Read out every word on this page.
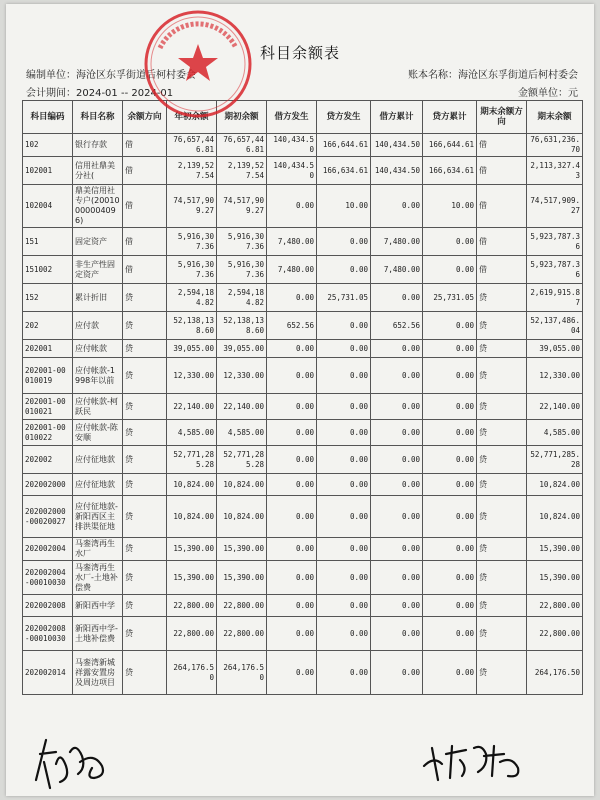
科目余额表
编制单位：海沧区东孚街道后柯村委会	账本名称：海沧区东孚街道后柯村委会
会计期间：2024-01 -- 2024-01	金额单位：元
科目编码	科目名称	余额方向	年初余额	期初余额	借方发生	贷方发生	借方累计	贷方累计	期末余额方向	期末余额
102	银行存款	借	76,657,446.81	76,657,446.81	140,434.50	166,644.61	140,434.50	166,644.61	借	76,631,236.70
102001	信用社鼎美分社(	借	2,139,527.54	2,139,527.54	140,434.50	166,634.61	140,434.50	166,634.61	借	2,113,327.43
102004	鼎美信用社专户(20010000004096)	借	74,517,909.27	74,517,909.27	0.00	10.00	0.00	10.00	借	74,517,909.27
151	固定资产	借	5,916,307.36	5,916,307.36	7,480.00	0.00	7,480.00	0.00	借	5,923,787.36
151002	非生产性固定资产	借	5,916,307.36	5,916,307.36	7,480.00	0.00	7,480.00	0.00	借	5,923,787.36
152	累计折旧	贷	2,594,184.82	2,594,184.82	0.00	25,731.05	0.00	25,731.05	贷	2,619,915.87
202	应付款	贷	52,138,138.60	52,138,138.60	652.56	0.00	652.56	0.00	贷	52,137,486.04
202001	应付帐款	贷	39,055.00	39,055.00	0.00	0.00	0.00	0.00	贷	39,055.00
202001-00010019	应付帐款-1998年以前	贷	12,330.00	12,330.00	0.00	0.00	0.00	0.00	贷	12,330.00
202001-00010021	应付帐款-柯跃民	贷	22,140.00	22,140.00	0.00	0.00	0.00	0.00	贷	22,140.00
202001-00010022	应付帐款-陈安顺	贷	4,585.00	4,585.00	0.00	0.00	0.00	0.00	贷	4,585.00
202002	应付征地款	贷	52,771,285.28	52,771,285.28	0.00	0.00	0.00	0.00	贷	52,771,285.28
202002000	应付征地款	贷	10,824.00	10,824.00	0.00	0.00	0.00	0.00	贷	10,824.00
202002000-00020027	应付征地款-新阳西区主排洪渠征地	贷	10,824.00	10,824.00	0.00	0.00	0.00	0.00	贷	10,824.00
202002004	马銮湾再生水厂	贷	15,390.00	15,390.00	0.00	0.00	0.00	0.00	贷	15,390.00
202002004-00010030	马銮湾再生水厂-土地补偿费	贷	15,390.00	15,390.00	0.00	0.00	0.00	0.00	贷	15,390.00
202002008	新阳西中学	贷	22,800.00	22,800.00	0.00	0.00	0.00	0.00	贷	22,800.00
202002008-00010030	新阳西中学-土地补偿费	贷	22,800.00	22,800.00	0.00	0.00	0.00	0.00	贷	22,800.00
202002014	马銮湾新城祥露安置房及周边项目	贷	264,176.50	264,176.50	0.00	0.00	0.00	0.00	贷	264,176.50
